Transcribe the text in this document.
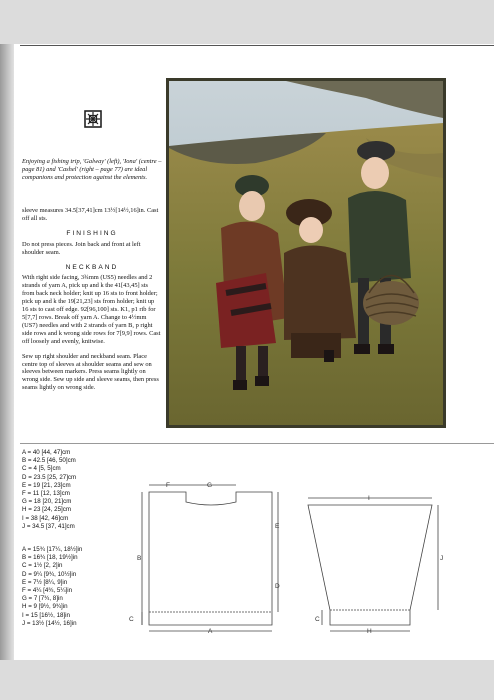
Enjoying a fishing trip, 'Galway' (left), 'Iona' (centre – page 81) and 'Cashel' (right – page 77) are ideal companions and protection against the elements.

sleeve measures 34.5[37,41]cm 13½[14½,16]in. Cast off all sts.

FINISHING

Do not press pieces. Join back and front at left shoulder seam.

NECKBAND

With right side facing, 3¾mm (US5) needles and 2 strands of yarn A, pick up and k the 41[43,45] sts from back neck holder; knit up 16 sts to front holder; pick up and k the 19[21,23] sts from holder; knit up 16 sts to cast off edge. 92[96,100] sts. K1, p1 rib for 5[7,7] rows. Break off yarn A. Change to 4½mm (US7) needles and with 2 strands of yarn B, p right side rows and k wrong side rows for 7[9,9] rows. Cast off loosely and evenly, knitwise.

Sew up right shoulder and neckband seam. Place centre top of sleeves at shoulder seams and sew on sleeves between markers. Press seams lightly on wrong side. Sew up side and sleeve seams, then press seams lightly on wrong side.

A = 40 [44, 47]cm
B = 42.5 [46, 50]cm
C = 4 [5, 5]cm
D = 23.5 [25, 27]cm
E = 19 [21, 23]cm
F = 11 [12, 13]cm
G = 18 [20, 21]cm
H = 23 [24, 25]cm
I = 38 [42, 46]cm
J = 34.5 [37, 41]cm
A = 15¾ [17¼, 18½]in
B = 16¾ [18, 19½]in
C = 1½ [2, 2]in
D = 9¼ [9¾, 10½]in
E = 7½ [8¼, 9]in
F = 4¼ [4¾, 5¼]in
G = 7 [7¾, 8]in
H = 9 [9½, 9¾]in
I = 15 [16½, 18]in
J = 13½ [14½, 16]in
F	G
B
C
E
D
A
I
J
C
H
